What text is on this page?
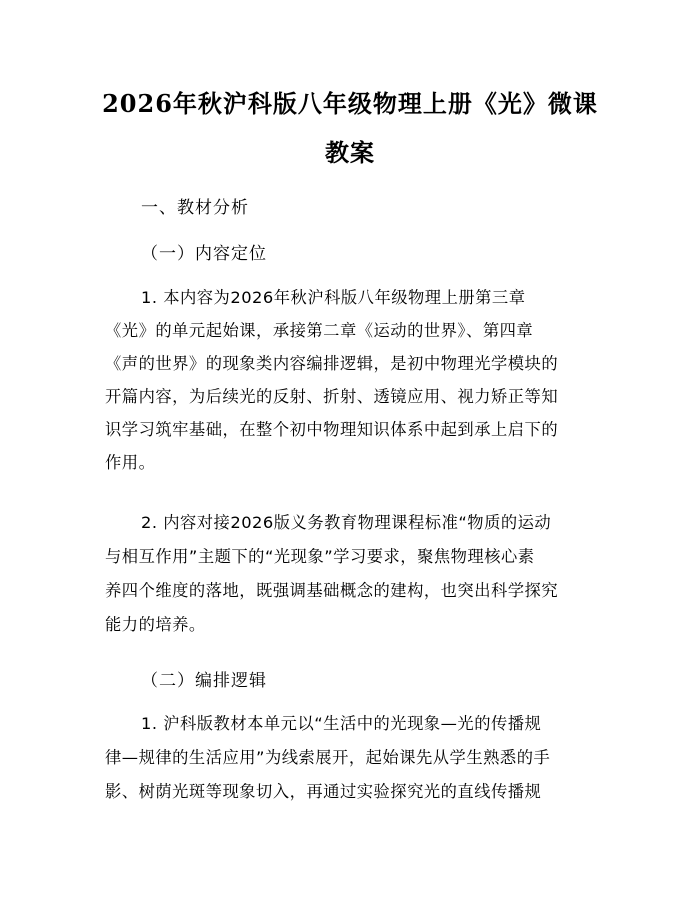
2026年秋沪科版八年级物理上册《光》微课
教案
一、教材分析
（一）内容定位
1. 本内容为2026年秋沪科版八年级物理上册第三章
《光》的单元起始课，承接第二章《运动的世界》、第四章
《声的世界》的现象类内容编排逻辑，是初中物理光学模块的
开篇内容，为后续光的反射、折射、透镜应用、视力矫正等知
识学习筑牢基础，在整个初中物理知识体系中起到承上启下的
作用。
2. 内容对接2026版义务教育物理课程标准“物质的运动
与相互作用”主题下的“光现象”学习要求，聚焦物理核心素
养四个维度的落地，既强调基础概念的建构，也突出科学探究
能力的培养。
（二）编排逻辑
1. 沪科版教材本单元以“生活中的光现象—光的传播规
律—规律的生活应用”为线索展开，起始课先从学生熟悉的手
影、树荫光斑等现象切入，再通过实验探究光的直线传播规
